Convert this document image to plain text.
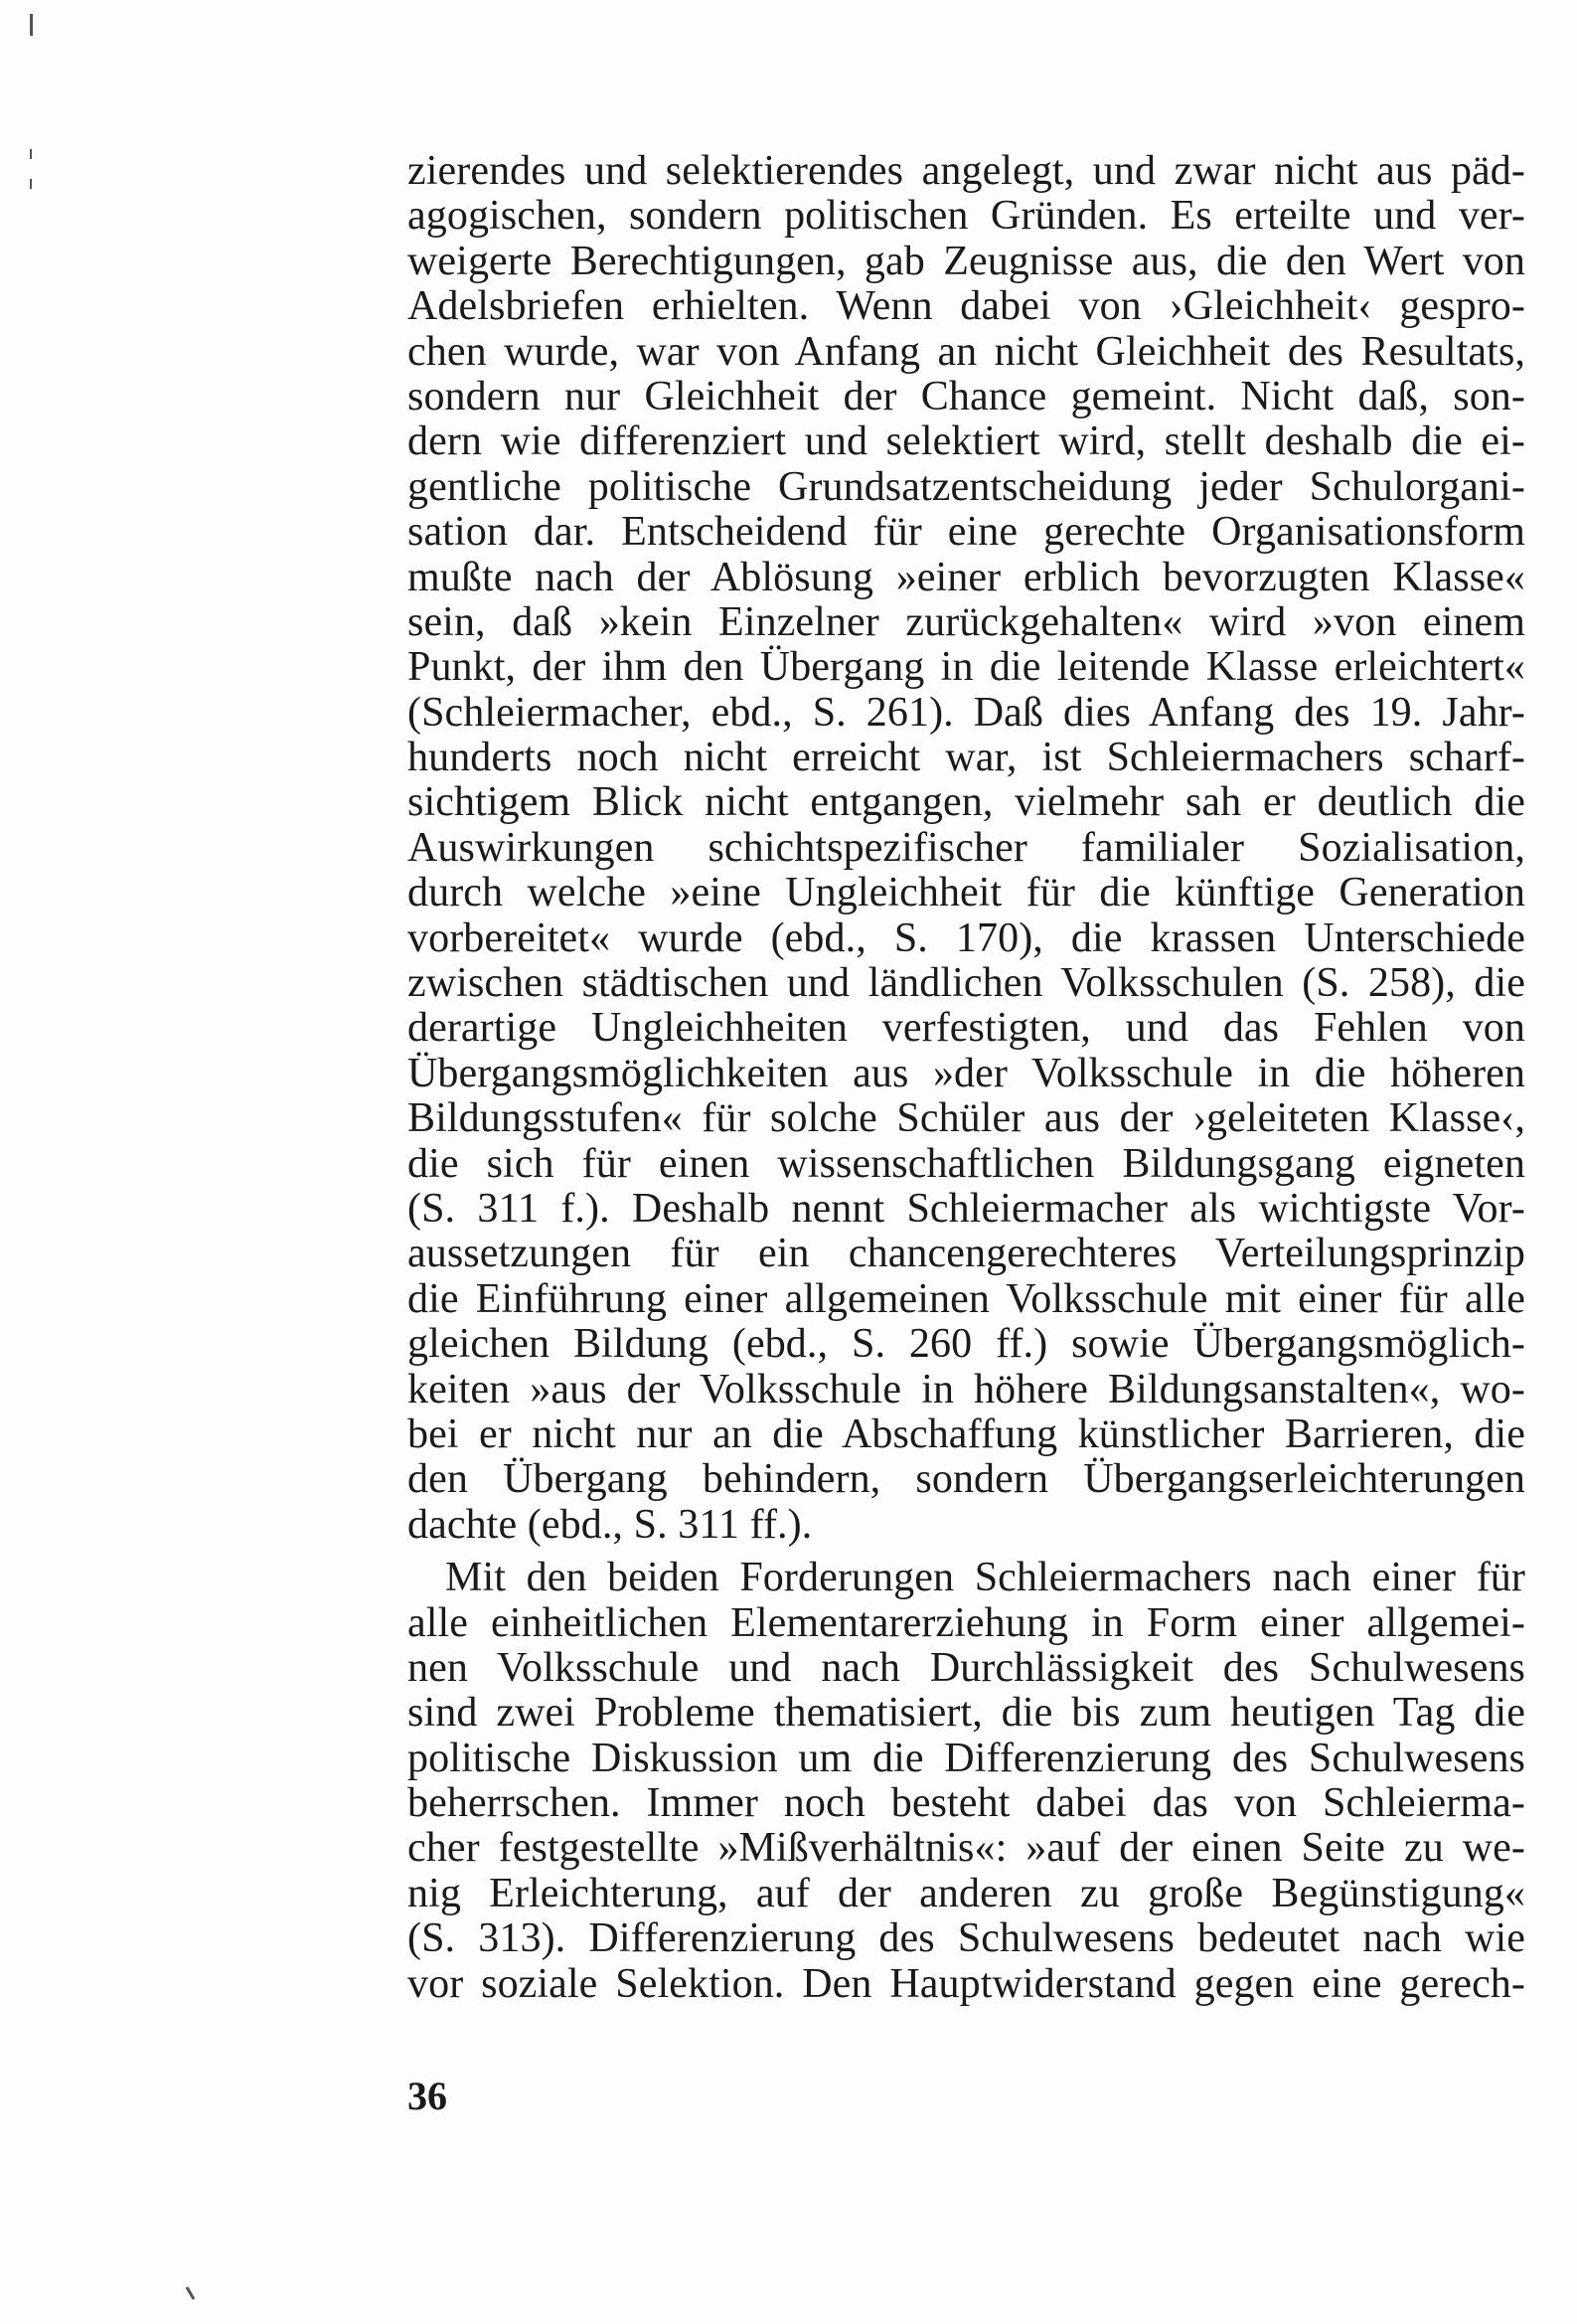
zierendes und selektierendes angelegt, und zwar nicht aus päd-
agogischen, sondern politischen Gründen. Es erteilte und ver-
weigerte Berechtigungen, gab Zeugnisse aus, die den Wert von
Adelsbriefen erhielten. Wenn dabei von ›Gleichheit‹ gespro-
chen wurde, war von Anfang an nicht Gleichheit des Resultats,
sondern nur Gleichheit der Chance gemeint. Nicht daß, son-
dern wie differenziert und selektiert wird, stellt deshalb die ei-
gentliche politische Grundsatzentscheidung jeder Schulorgani-
sation dar. Entscheidend für eine gerechte Organisationsform
mußte nach der Ablösung »einer erblich bevorzugten Klasse«
sein, daß »kein Einzelner zurückgehalten« wird »von einem
Punkt, der ihm den Übergang in die leitende Klasse erleichtert«
(Schleiermacher, ebd., S. 261). Daß dies Anfang des 19. Jahr-
hunderts noch nicht erreicht war, ist Schleiermachers scharf-
sichtigem Blick nicht entgangen, vielmehr sah er deutlich die
Auswirkungen schichtspezifischer familialer Sozialisation,
durch welche »eine Ungleichheit für die künftige Generation
vorbereitet« wurde (ebd., S. 170), die krassen Unterschiede
zwischen städtischen und ländlichen Volksschulen (S. 258), die
derartige Ungleichheiten verfestigten, und das Fehlen von
Übergangsmöglichkeiten aus »der Volksschule in die höheren
Bildungsstufen« für solche Schüler aus der ›geleiteten Klasse‹,
die sich für einen wissenschaftlichen Bildungsgang eigneten
(S. 311 f.). Deshalb nennt Schleiermacher als wichtigste Vor-
aussetzungen für ein chancengerechteres Verteilungsprinzip
die Einführung einer allgemeinen Volksschule mit einer für alle
gleichen Bildung (ebd., S. 260 ff.) sowie Übergangsmöglich-
keiten »aus der Volksschule in höhere Bildungsanstalten«, wo-
bei er nicht nur an die Abschaffung künstlicher Barrieren, die
den Übergang behindern, sondern Übergangserleichterungen
dachte (ebd., S. 311 ff.).
Mit den beiden Forderungen Schleiermachers nach einer für
alle einheitlichen Elementarerziehung in Form einer allgemei-
nen Volksschule und nach Durchlässigkeit des Schulwesens
sind zwei Probleme thematisiert, die bis zum heutigen Tag die
politische Diskussion um die Differenzierung des Schulwesens
beherrschen. Immer noch besteht dabei das von Schleierma-
cher festgestellte »Mißverhältnis«: »auf der einen Seite zu we-
nig Erleichterung, auf der anderen zu große Begünstigung«
(S. 313). Differenzierung des Schulwesens bedeutet nach wie
vor soziale Selektion. Den Hauptwiderstand gegen eine gerech-
36
